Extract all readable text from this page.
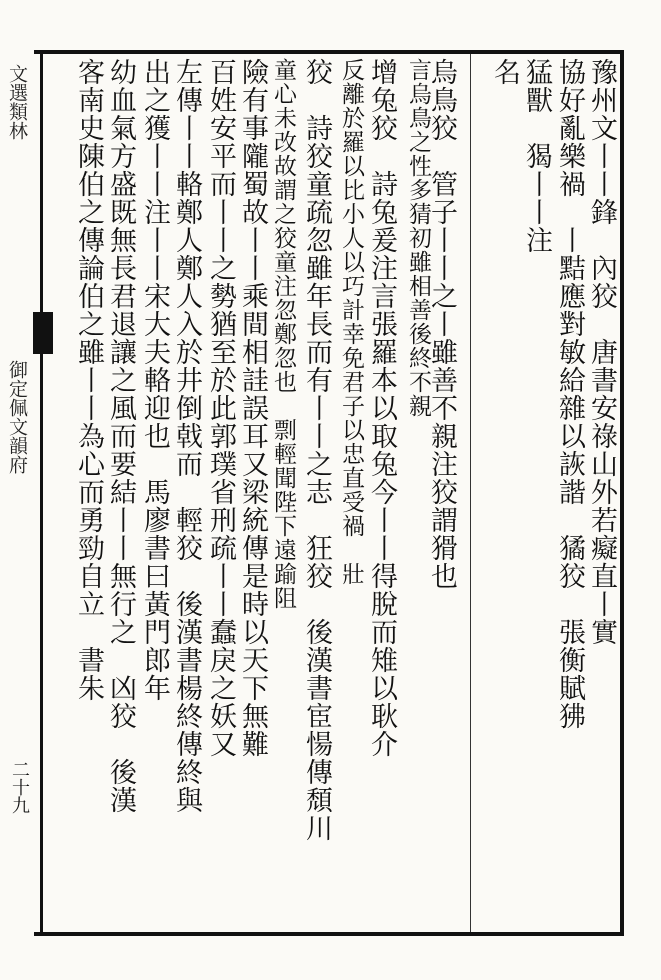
文選類林
御定佩文韻府
二十九
豫州文丨丨鋒　內狡　唐書安祿山外若癡直丨實
協好亂樂禍　丨黠應對敏給雜以詼諧　獝狡　張衡賦狒
猛獸　猲丨丨注
名
烏鳥狡　管子丨丨之丨雖善不親注狡謂猾也
言烏鳥之性多猜初雖相善後終不親
增兔狡　詩兔爰注言張羅本以取兔今丨丨得脫而雉以耿介
反離於羅以比小人以巧計幸免君子以忠直受禍　壯
狡　詩狡童疏忽雖年長而有丨丨之志　狂狡　後漢書宦愓傳頹川
童心未改故謂之狡童注忽鄭忽也　剽輕聞陛下遠踰阻
險有事隴蜀故丨丨乘間相詿誤耳又梁統傳是時以天下無難
百姓安平而丨丨之勢猶至於此郭璞省刑疏丨丨蠢戾之妖又
左傳丨丨輅鄭人鄭人入於井倒戟而　輕狡　後漢書楊終傳終與
出之獲丨丨注丨丨宋大夫輅迎也　馬廖書曰黃門郎年
幼血氣方盛既無長君退讓之風而要結丨丨無行之　凶狡　後漢
客南史陳伯之傳論伯之雖丨丨為心而勇勁自立　書朱
